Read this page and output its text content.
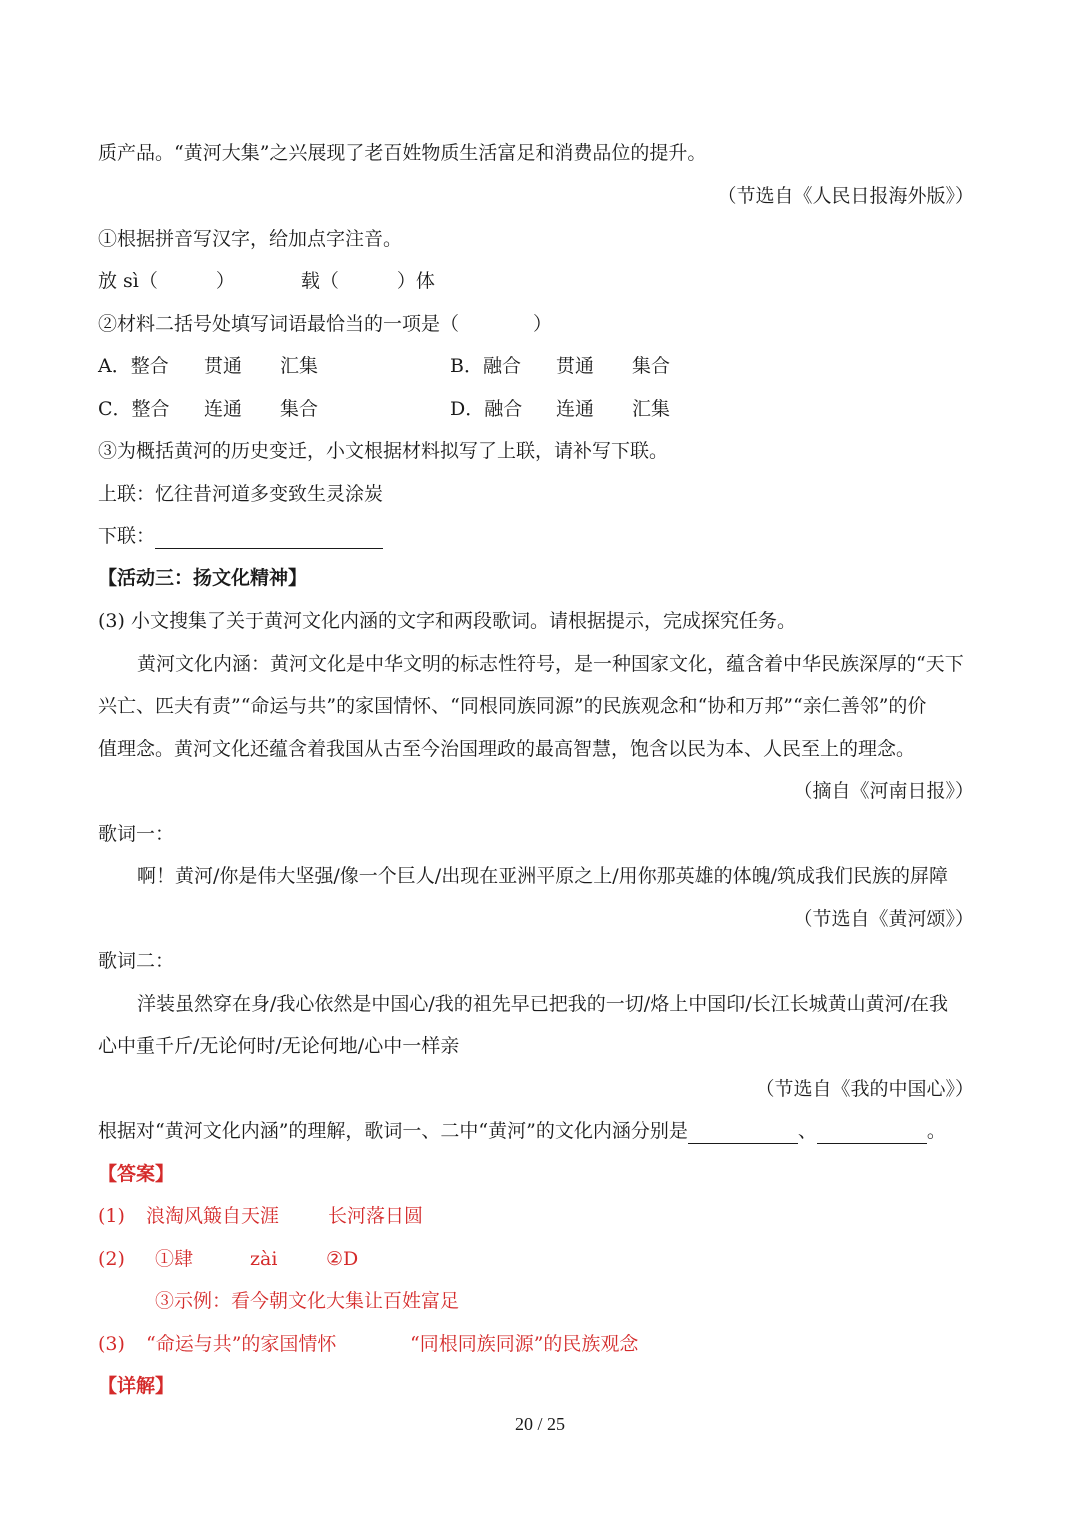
质产品。“黄河大集”之兴展现了老百姓物质生活富足和消费品位的提升。
（节选自《人民日报海外版》）
①根据拼音写汉字，给加点字注音。
放 sì（	）	载（	）体
②材料二括号处填写词语最恰当的一项是（	）
A．整合 贯通 汇集	B．融合 贯通 集合
C．整合 连通 集合	D．融合 连通 汇集
③为概括黄河的历史变迁，小文根据材料拟写了上联，请补写下联。
上联：忆往昔河道多变致生灵涂炭
下联：
【活动三：扬文化精神】
(3) 小文搜集了关于黄河文化内涵的文字和两段歌词。请根据提示，完成探究任务。
黄河文化内涵：黄河文化是中华文明的标志性符号，是一种国家文化，蕴含着中华民族深厚的“天下
兴亡、匹夫有责”“命运与共”的家国情怀、“同根同族同源”的民族观念和“协和万邦”“亲仁善邻”的价
值理念。黄河文化还蕴含着我国从古至今治国理政的最高智慧，饱含以民为本、人民至上的理念。
（摘自《河南日报》）
歌词一：
啊！黄河/你是伟大坚强/像一个巨人/出现在亚洲平原之上/用你那英雄的体魄/筑成我们民族的屏障
（节选自《黄河颂》）
歌词二：
洋装虽然穿在身/我心依然是中国心/我的祖先早已把我的一切/烙上中国印/长江长城黄山黄河/在我
心中重千斤/无论何时/无论何地/心中一样亲
（节选自《我的中国心》）
根据对“黄河文化内涵”的理解，歌词一、二中“黄河”的文化内涵分别是	、	。
【答案】
(1) 浪淘风簸自天涯	长河落日圆
(2) ①肆	zài	②D
③示例：看今朝文化大集让百姓富足
(3) “命运与共”的家国情怀	“同根同族同源”的民族观念
【详解】
20 / 25
